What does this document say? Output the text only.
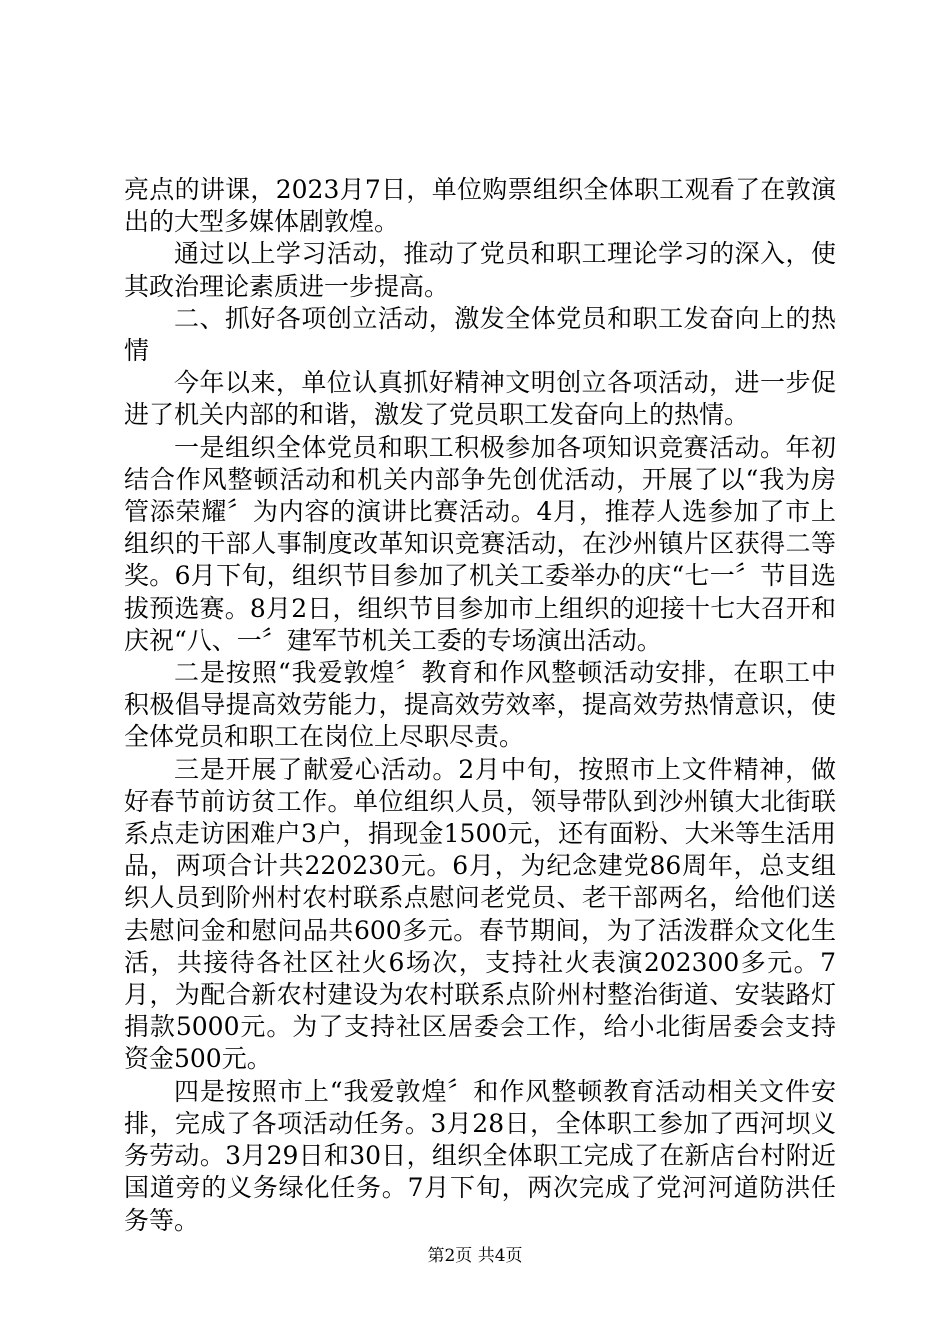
亮点的讲课，2023月7日，单位购票组织全体职工观看了在敦演出的大型多媒体剧敦煌。

通过以上学习活动，推动了党员和职工理论学习的深入，使其政治理论素质进一步提高。

二、抓好各项创立活动，激发全体党员和职工发奋向上的热情

今年以来，单位认真抓好精神文明创立各项活动，进一步促进了机关内部的和谐，激发了党员职工发奋向上的热情。

一是组织全体党员和职工积极参加各项知识竞赛活动。年初结合作风整顿活动和机关内部争先创优活动，开展了以“我为房管添荣耀〞为内容的演讲比赛活动。4月，推荐人选参加了市上组织的干部人事制度改革知识竞赛活动，在沙州镇片区获得二等奖。6月下旬，组织节目参加了机关工委举办的庆“七一〞节目选拔预选赛。8月2日，组织节目参加市上组织的迎接十七大召开和庆祝“八、一〞建军节机关工委的专场演出活动。

二是按照“我爱敦煌〞教育和作风整顿活动安排，在职工中积极倡导提高效劳能力，提高效劳效率，提高效劳热情意识，使全体党员和职工在岗位上尽职尽责。

三是开展了献爱心活动。2月中旬，按照市上文件精神，做好春节前访贫工作。单位组织人员，领导带队到沙州镇大北街联系点走访困难户3户，捐现金1500元，还有面粉、大米等生活用品，两项合计共220230元。6月，为纪念建党86周年，总支组织人员到阶州村农村联系点慰问老党员、老干部两名，给他们送去慰问金和慰问品共600多元。春节期间，为了活泼群众文化生活，共接待各社区社火6场次，支持社火表演202300多元。7月，为配合新农村建设为农村联系点阶州村整治街道、安装路灯捐款5000元。为了支持社区居委会工作，给小北街居委会支持资金500元。

四是按照市上“我爱敦煌〞和作风整顿教育活动相关文件安排，完成了各项活动任务。3月28日，全体职工参加了西河坝义务劳动。3月29日和30日，组织全体职工完成了在新店台村附近国道旁的义务绿化任务。7月下旬，两次完成了党河河道防洪任务等。

第2页 共4页
